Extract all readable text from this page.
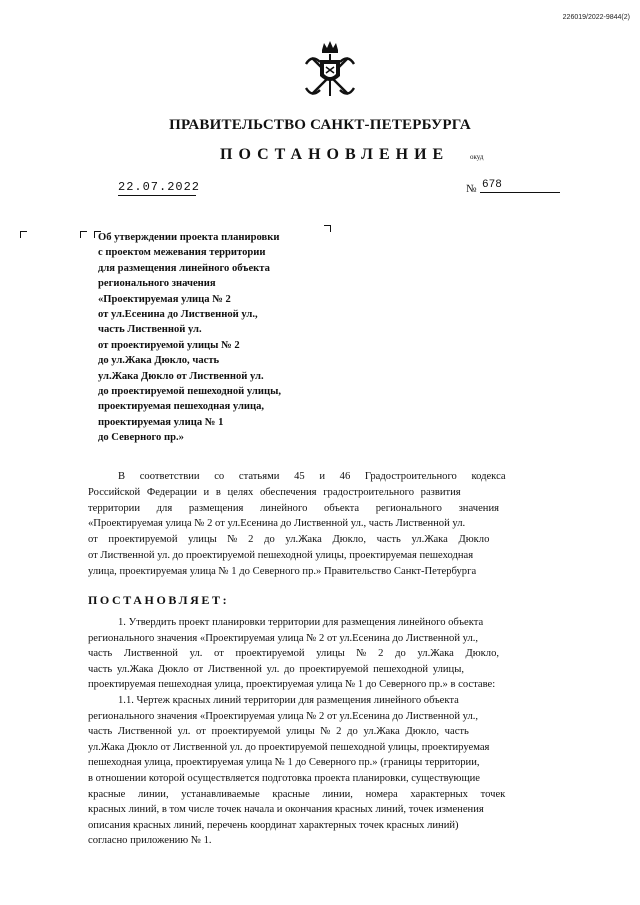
226019/2022-9844(2)
ПРАВИТЕЛЬСТВО САНКТ-ПЕТЕРБУРГА
ПОСТАНОВЛЕНИЕ	окуд
22.07.2022	№ 678
Об утверждении проекта планировки
с проектом межевания территории
для размещения линейного объекта
регионального значения
«Проектируемая улица № 2
от ул.Есенина до Лиственной ул.,
часть Лиственной ул.
от проектируемой улицы № 2
до ул.Жака Дюкло, часть
ул.Жака Дюкло от Лиственной ул.
до проектируемой пешеходной улицы,
проектируемая пешеходная улица,
проектируемая улица № 1
до Северного пр.»
В соответствии со статьями 45 и 46 Градостроительного кодекса
Российской Федерации и в целях обеспечения градостроительного развития
территории для размещения линейного объекта регионального значения
«Проектируемая улица № 2 от ул.Есенина до Лиственной ул., часть Лиственной ул.
от проектируемой улицы № 2 до ул.Жака Дюкло, часть ул.Жака Дюкло
от Лиственной ул. до проектируемой пешеходной улицы, проектируемая пешеходная
улица, проектируемая улица № 1 до Северного пр.» Правительство Санкт-Петербурга
ПОСТАНОВЛЯЕТ:
1. Утвердить проект планировки территории для размещения линейного объекта
регионального значения «Проектируемая улица № 2 от ул.Есенина до Лиственной ул.,
часть Лиственной ул. от проектируемой улицы № 2 до ул.Жака Дюкло,
часть ул.Жака Дюкло от Лиственной ул. до проектируемой пешеходной улицы,
проектируемая пешеходная улица, проектируемая улица № 1 до Северного пр.» в составе:
1.1. Чертеж красных линий территории для размещения линейного объекта
регионального значения «Проектируемая улица № 2 от ул.Есенина до Лиственной ул.,
часть Лиственной ул. от проектируемой улицы № 2 до ул.Жака Дюкло, часть
ул.Жака Дюкло от Лиственной ул. до проектируемой пешеходной улицы, проектируемая
пешеходная улица, проектируемая улица № 1 до Северного пр.» (границы территории,
в отношении которой осуществляется подготовка проекта планировки, существующие
красные линии, устанавливаемые красные линии, номера характерных точек
красных линий, в том числе точек начала и окончания красных линий, точек изменения
описания красных линий, перечень координат характерных точек красных линий)
согласно приложению № 1.
